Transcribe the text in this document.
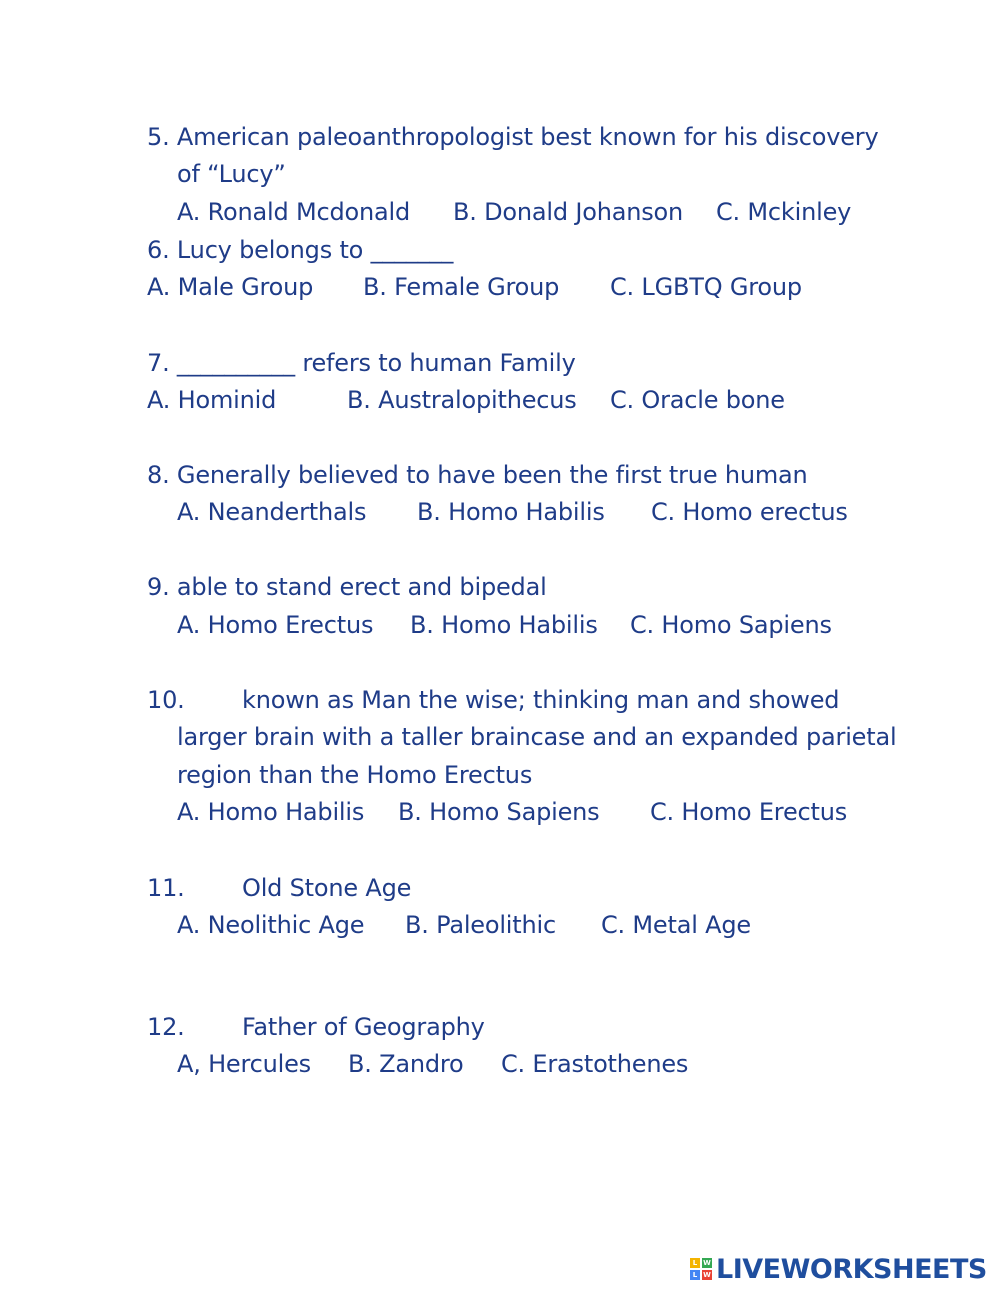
5. American paleoanthropologist best known for his discovery
of “Lucy”
A. Ronald Mcdonald B. Donald Johanson C. Mckinley
6. Lucy belongs to _______
A. Male Group B. Female Group C. LGBTQ Group
7. __________ refers to human Family
A. Hominid	B. Australopithecus C. Oracle bone
8. Generally believed to have been the first true human
A. Neanderthals B. Homo Habilis C. Homo erectus
9. able to stand erect and bipedal
A. Homo Erectus B. Homo Habilis C. Homo Sapiens
10. known as Man the wise; thinking man and showed
larger brain with a taller braincase and an expanded parietal
region than the Homo Erectus
A. Homo Habilis B. Homo Sapiens C. Homo Erectus
11. Old Stone Age
A. Neolithic Age B. Paleolithic C. Metal Age
12. Father of Geography
A, Hercules B. Zandro C. Erastothenes
L W
L W LIVEWORKSHEETS
